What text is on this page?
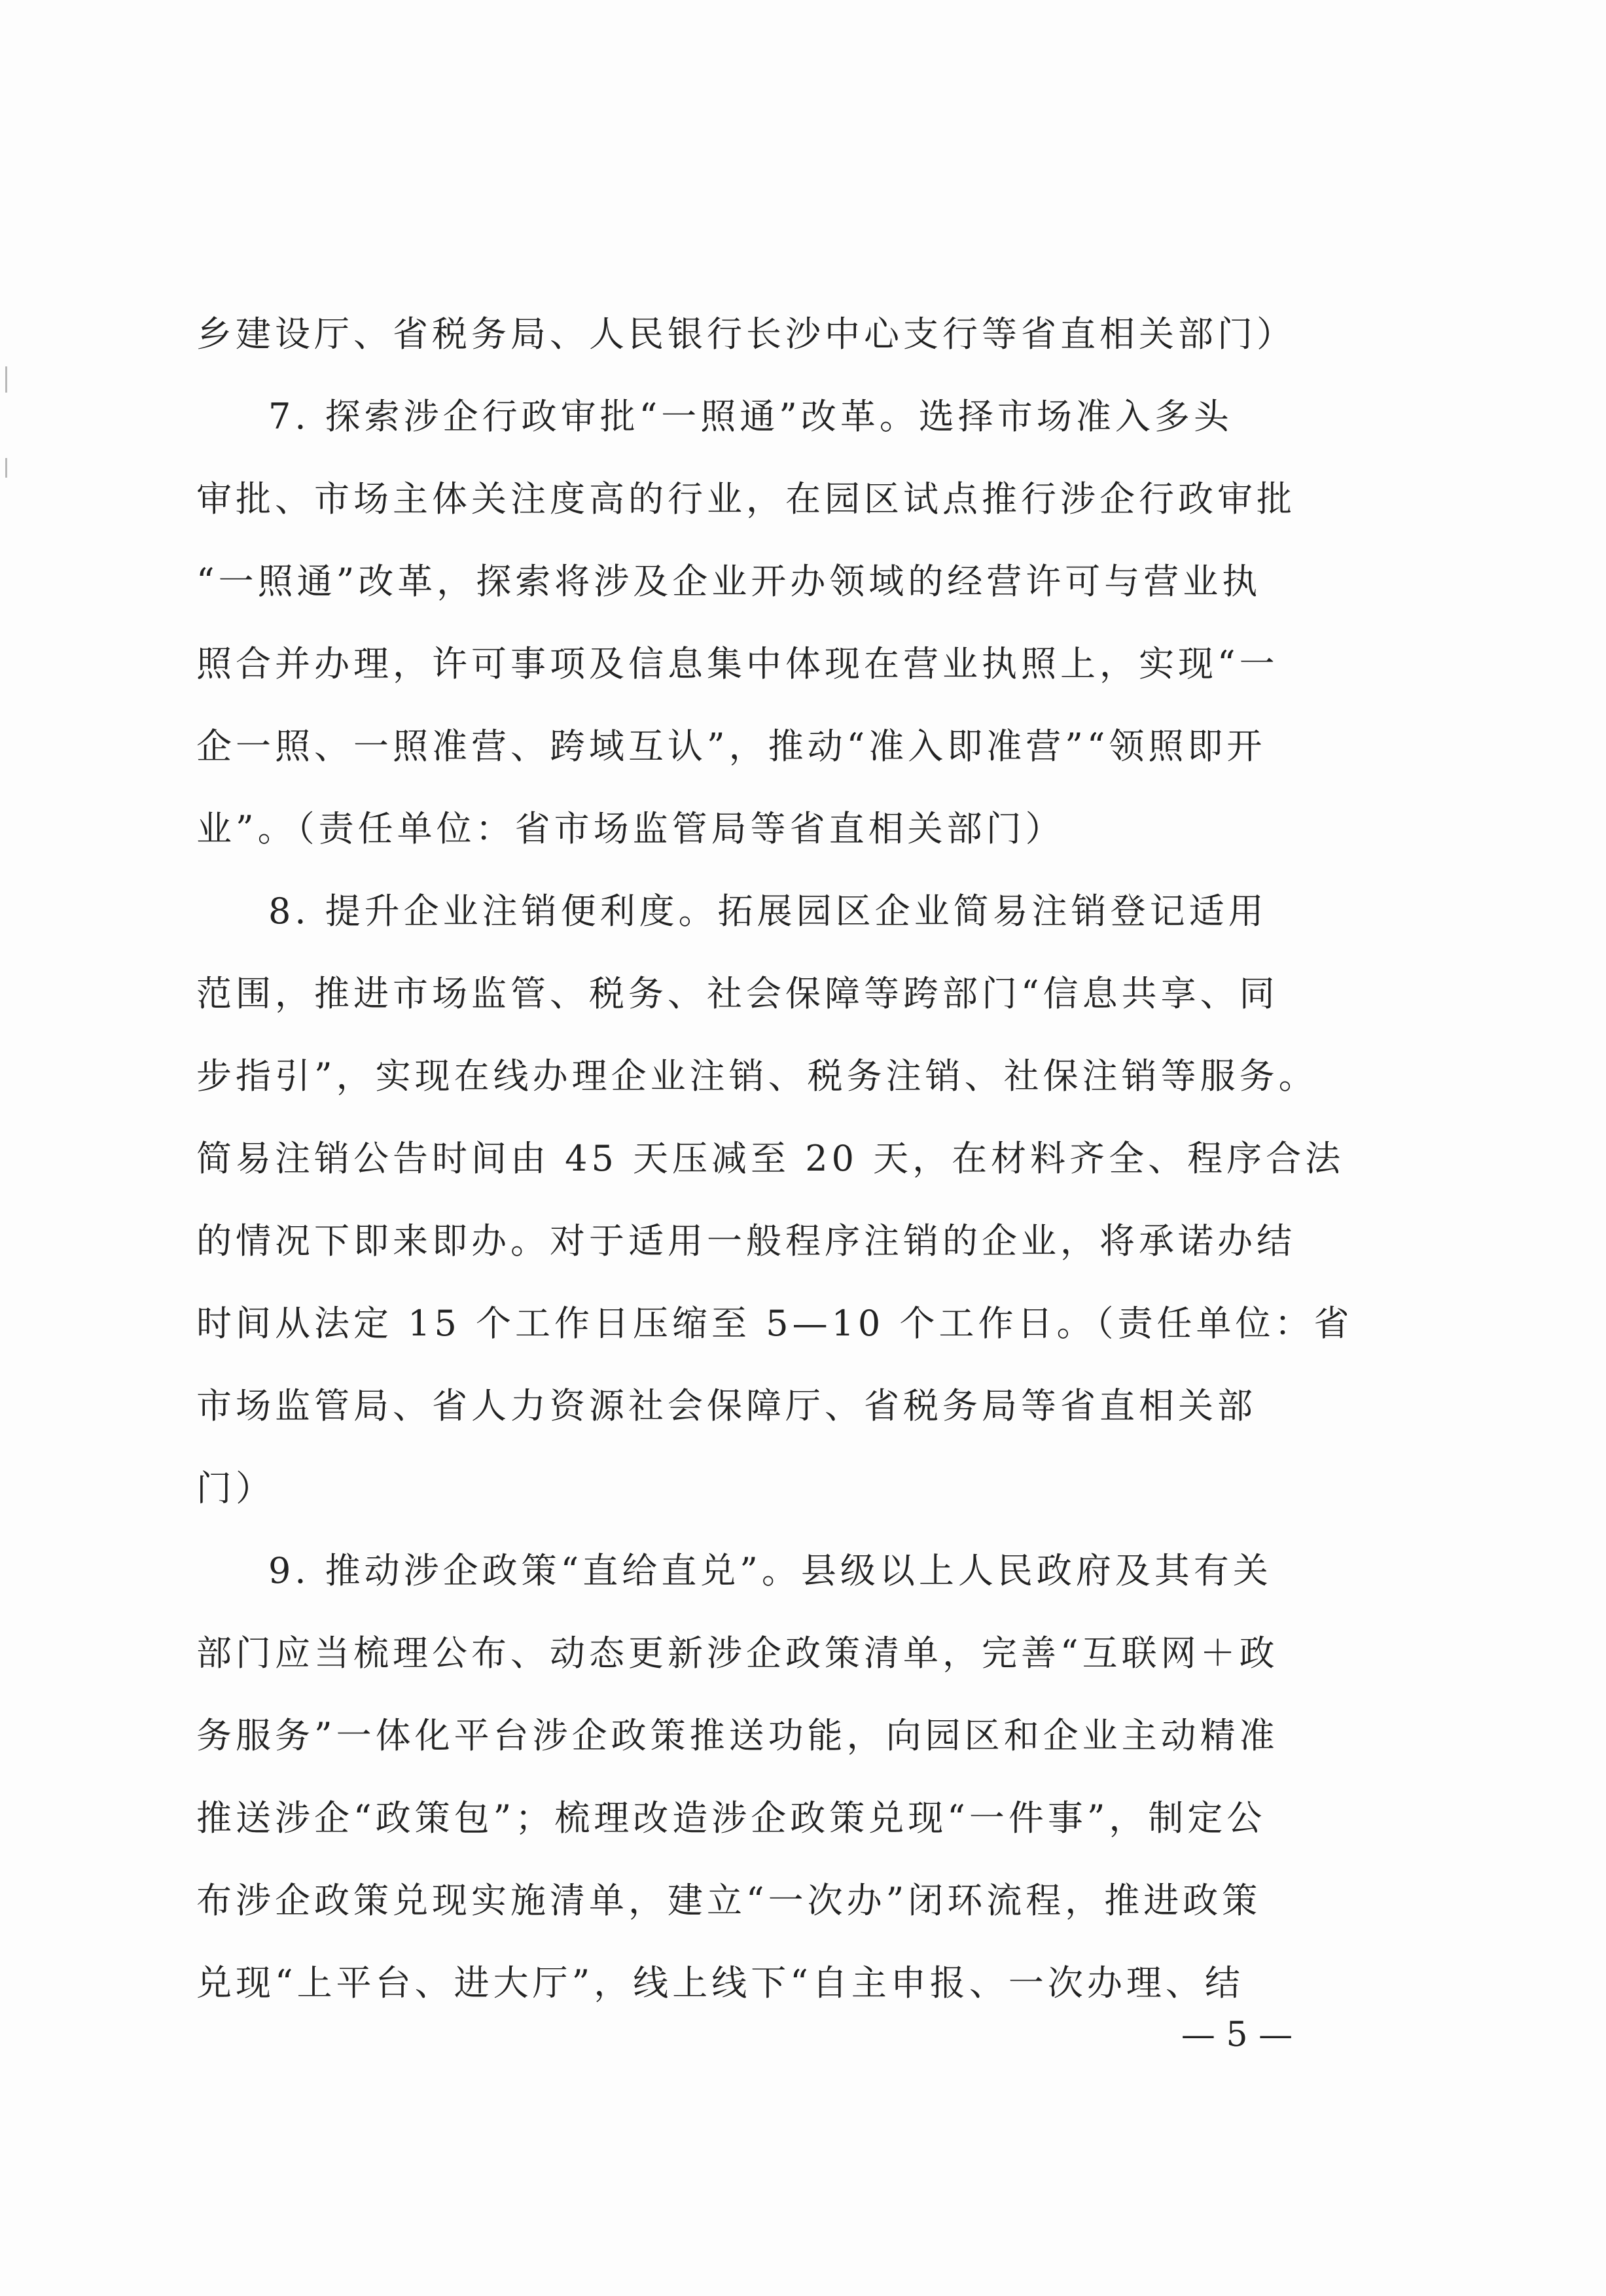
乡建设厅、省税务局、人民银行长沙中心支行等省直相关部门）
7. 探索涉企行政审批“一照通”改革。选择市场准入多头
审批、市场主体关注度高的行业，在园区试点推行涉企行政审批
“一照通”改革，探索将涉及企业开办领域的经营许可与营业执
照合并办理，许可事项及信息集中体现在营业执照上，实现“一
企一照、一照准营、跨域互认”，推动“准入即准营”“领照即开
业”。（责任单位：省市场监管局等省直相关部门）
8. 提升企业注销便利度。拓展园区企业简易注销登记适用
范围，推进市场监管、税务、社会保障等跨部门“信息共享、同
步指引”，实现在线办理企业注销、税务注销、社保注销等服务。
简易注销公告时间由 45 天压减至 20 天，在材料齐全、程序合法
的情况下即来即办。对于适用一般程序注销的企业，将承诺办结
时间从法定 15 个工作日压缩至 5—10 个工作日。（责任单位：省
市场监管局、省人力资源社会保障厅、省税务局等省直相关部
门）
9. 推动涉企政策“直给直兑”。县级以上人民政府及其有关
部门应当梳理公布、动态更新涉企政策清单，完善“互联网＋政
务服务”一体化平台涉企政策推送功能，向园区和企业主动精准
推送涉企“政策包”；梳理改造涉企政策兑现“一件事”，制定公
布涉企政策兑现实施清单，建立“一次办”闭环流程，推进政策
兑现“上平台、进大厅”，线上线下“自主申报、一次办理、结
— 5 —
